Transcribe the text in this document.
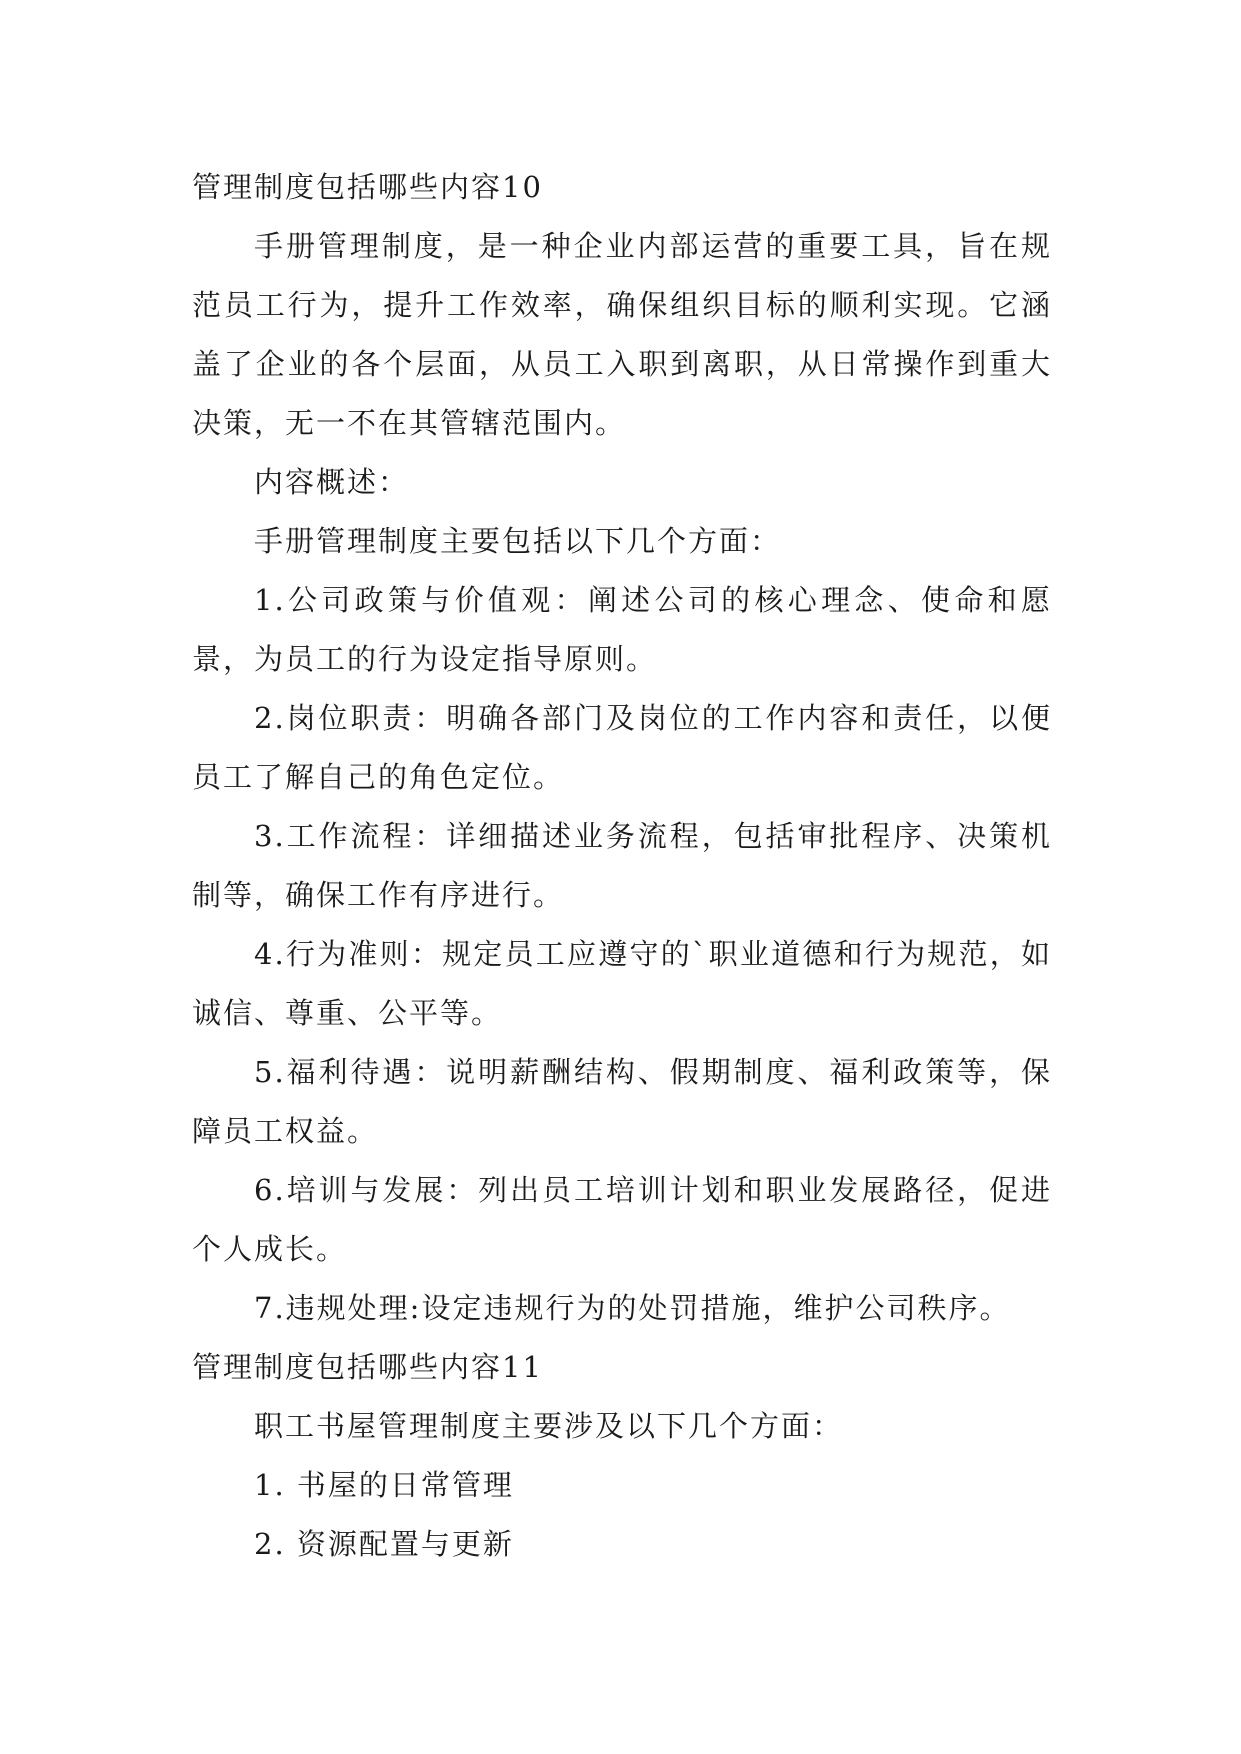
管理制度包括哪些内容10

手册管理制度，是一种企业内部运营的重要工具，旨在规范员工行为，提升工作效率，确保组织目标的顺利实现。它涵盖了企业的各个层面，从员工入职到离职，从日常操作到重大决策，无一不在其管辖范围内。

内容概述：

手册管理制度主要包括以下几个方面：

1.公司政策与价值观：阐述公司的核心理念、使命和愿景，为员工的行为设定指导原则。

2.岗位职责：明确各部门及岗位的工作内容和责任，以便员工了解自己的角色定位。

3.工作流程：详细描述业务流程，包括审批程序、决策机制等，确保工作有序进行。

4.行为准则：规定员工应遵守的`职业道德和行为规范，如诚信、尊重、公平等。

5.福利待遇：说明薪酬结构、假期制度、福利政策等，保障员工权益。

6.培训与发展：列出员工培训计划和职业发展路径，促进个人成长。

7.违规处理:设定违规行为的处罚措施，维护公司秩序。

管理制度包括哪些内容11

职工书屋管理制度主要涉及以下几个方面：

1. 书屋的日常管理

2. 资源配置与更新
